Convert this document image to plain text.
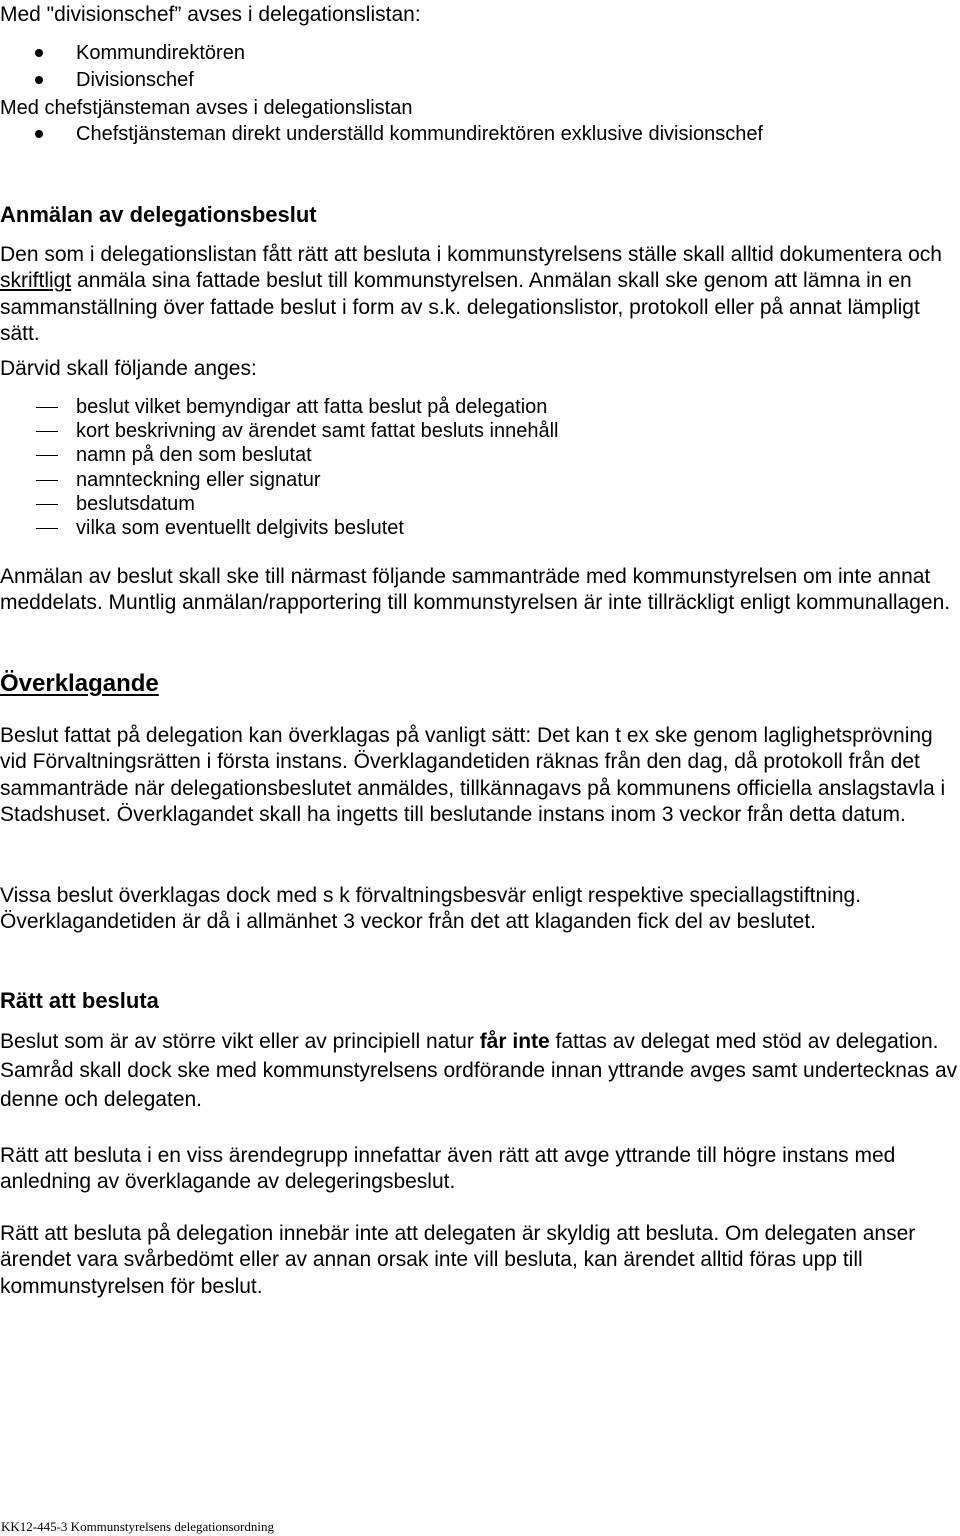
Med "divisionschef” avses i delegationslistan:

Kommundirektören
Divisionschef

Med chefstjänsteman avses i delegationslistan

Chefstjänsteman direkt underställd kommundirektören exklusive divisionschef
Anmälan av delegationsbeslut

Den som i delegationslistan fått rätt att besluta i kommunstyrelsens ställe skall alltid dokumentera och skriftligt anmäla sina fattade beslut till kommunstyrelsen. Anmälan skall ske genom att lämna in en sammanställning över fattade beslut i form av s.k. delegationslistor, protokoll eller på annat lämpligt sätt.

Därvid skall följande anges:

beslut vilket bemyndigar att fatta beslut på delegation
kort beskrivning av ärendet samt fattat besluts innehåll
namn på den som beslutat
namnteckning eller signatur
beslutsdatum
vilka som eventuellt delgivits beslutet

Anmälan av beslut skall ske till närmast följande sammanträde med kommunstyrelsen om inte annat meddelats. Muntlig anmälan/rapportering till kommunstyrelsen är inte tillräckligt enligt kommunallagen.

Överklagande

Beslut fattat på delegation kan överklagas på vanligt sätt: Det kan t ex ske genom laglighetsprövning vid Förvaltningsrätten i första instans. Överklagandetiden räknas från den dag, då protokoll från det sammanträde när delegationsbeslutet anmäldes, tillkännagavs på kommunens officiella anslagstavla i Stadshuset. Överklagandet skall ha ingetts till beslutande instans inom 3 veckor från detta datum.

Vissa beslut överklagas dock med s k förvaltningsbesvär enligt respektive speciallagstiftning. Överklagandetiden är då i allmänhet 3 veckor från det att klaganden fick del av beslutet.

Rätt att besluta

Beslut som är av större vikt eller av principiell natur får inte fattas av delegat med stöd av delegation. Samråd skall dock ske med kommunstyrelsens ordförande innan yttrande avges samt undertecknas av denne och delegaten.

Rätt att besluta i en viss ärendegrupp innefattar även rätt att avge yttrande till högre instans med anledning av överklagande av delegeringsbeslut.

Rätt att besluta på delegation innebär inte att delegaten är skyldig att besluta. Om delegaten anser ärendet vara svårbedömt eller av annan orsak inte vill besluta, kan ärendet alltid föras upp till kommunstyrelsen för beslut.

KK12-445-3 Kommunstyrelsens delegationsordning
